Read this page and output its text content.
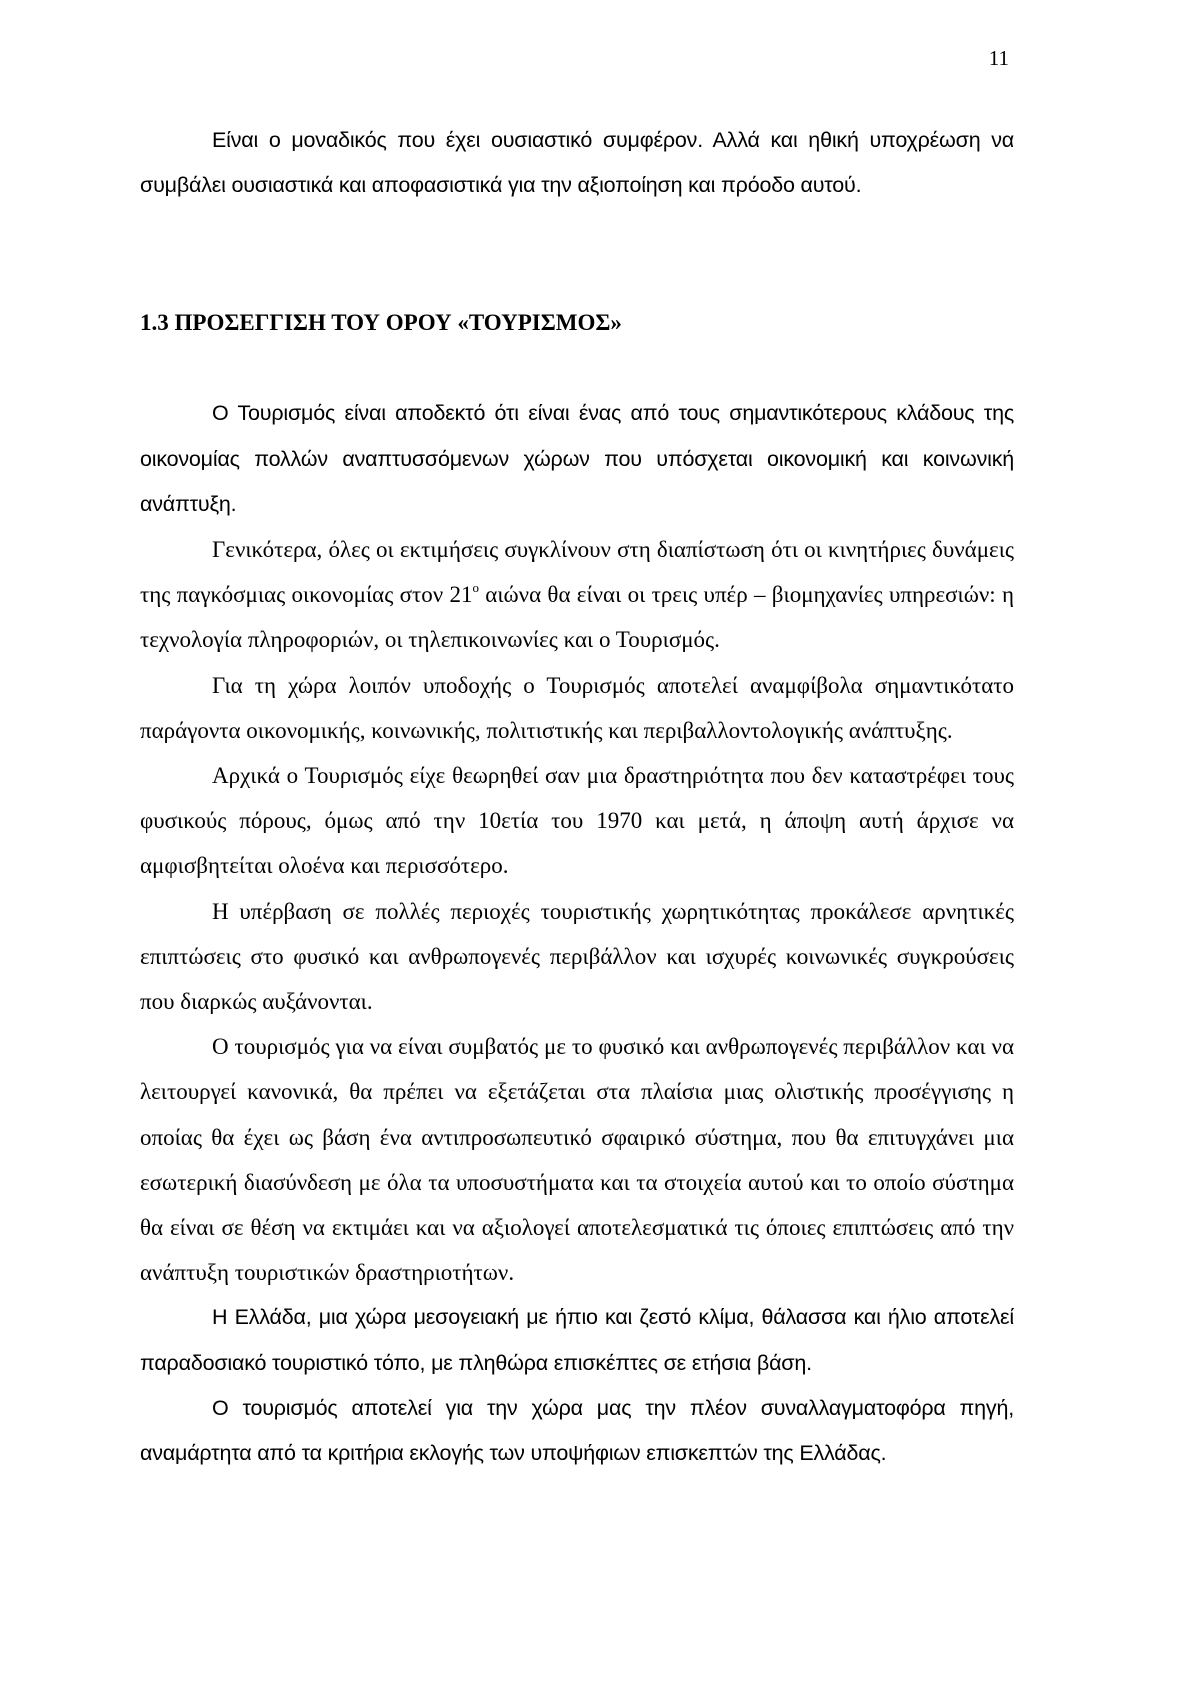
11

Είναι ο μοναδικός που έχει ουσιαστικό συμφέρον. Αλλά και ηθική υποχρέωση να συμβάλει ουσιαστικά και αποφασιστικά για την αξιοποίηση και πρόοδο αυτού.

1.3 ΠΡΟΣΕΓΓΙΣΗ ΤΟΥ ΟΡΟΥ «ΤΟΥΡΙΣΜΟΣ»

Ο Τουρισμός είναι αποδεκτό ότι είναι ένας από τους σημαντικότερους κλάδους της οικονομίας πολλών αναπτυσσόμενων χώρων που υπόσχεται οικονομική και κοινωνική ανάπτυξη.

Γενικότερα, όλες οι εκτιμήσεις συγκλίνουν στη διαπίστωση ότι οι κινητήριες δυνάμεις της παγκόσμιας οικονομίας στον $21^o$ αιώνα θα είναι οι τρεις υπέρ – βιομηχανίες υπηρεσιών: η τεχνολογία πληροφοριών, οι τηλεπικοινωνίες και ο Τουρισμός.

Για τη χώρα λοιπόν υποδοχής ο Τουρισμός αποτελεί αναμφίβολα σημαντικότατο παράγοντα οικονομικής, κοινωνικής, πολιτιστικής και περιβαλλοντολογικής ανάπτυξης.

Αρχικά ο Τουρισμός είχε θεωρηθεί σαν μια δραστηριότητα που δεν καταστρέφει τους φυσικούς πόρους, όμως από την 10ετία του 1970 και μετά, η άποψη αυτή άρχισε να αμφισβητείται ολοένα και περισσότερο.

Η υπέρβαση σε πολλές περιοχές τουριστικής χωρητικότητας προκάλεσε αρνητικές επιπτώσεις στο φυσικό και ανθρωπογενές περιβάλλον και ισχυρές κοινωνικές συγκρούσεις που διαρκώς αυξάνονται.

Ο τουρισμός για να είναι συμβατός με το φυσικό και ανθρωπογενές περιβάλλον και να λειτουργεί κανονικά, θα πρέπει να εξετάζεται στα πλαίσια μιας ολιστικής προσέγγισης η οποίας θα έχει ως βάση ένα αντιπροσωπευτικό σφαιρικό σύστημα, που θα επιτυγχάνει μια εσωτερική διασύνδεση με όλα τα υποσυστήματα και τα στοιχεία αυτού και το οποίο σύστημα θα είναι σε θέση να εκτιμάει και να αξιολογεί αποτελεσματικά τις όποιες επιπτώσεις από την ανάπτυξη τουριστικών δραστηριοτήτων.

Η Ελλάδα, μια χώρα μεσογειακή με ήπιο και ζεστό κλίμα, θάλασσα και ήλιο αποτελεί παραδοσιακό τουριστικό τόπο, με πληθώρα επισκέπτες σε ετήσια βάση.

Ο τουρισμός αποτελεί για την χώρα μας την πλέον συναλλαγματοφόρα πηγή, αναμάρτητα από τα κριτήρια εκλογής των υποψήφιων επισκεπτών της Ελλάδας.
